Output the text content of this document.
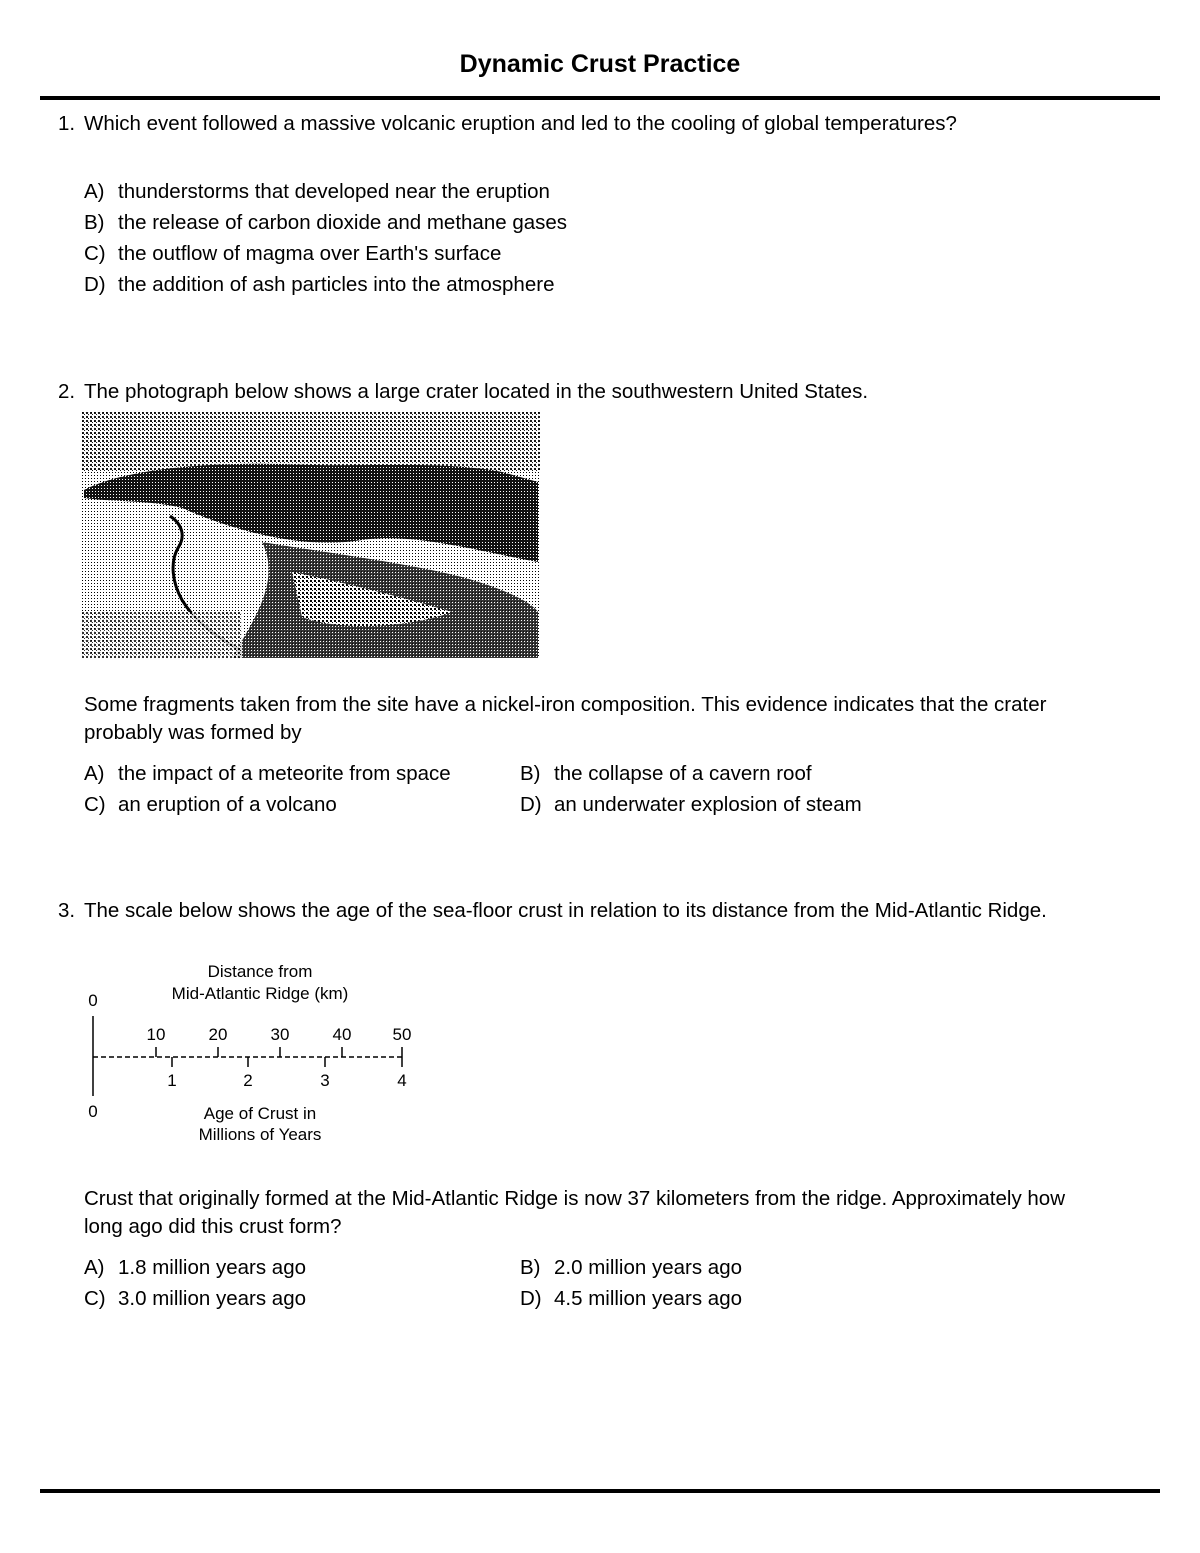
Dynamic Crust Practice
1. Which event followed a massive volcanic eruption and led to the cooling of global temperatures?
A) thunderstorms that developed near the eruption
B) the release of carbon dioxide and methane gases
C) the outflow of magma over Earth's surface
D) the addition of ash particles into the atmosphere
2. The photograph below shows a large crater located in the southwestern United States.
Some fragments taken from the site have a nickel-iron composition. This evidence indicates that the crater probably was formed by
A) the impact of a meteorite from space	B) the collapse of a cavern roof
C) an eruption of a volcano	D) an underwater explosion of steam
3. The scale below shows the age of the sea-floor crust in relation to its distance from the Mid-Atlantic Ridge.
Distance from
Mid-Atlantic Ridge (km)
0
10	20	30	40 50
0
1	2	3	4
Age of Crust in
Millions of Years
Crust that originally formed at the Mid-Atlantic Ridge is now 37 kilometers from the ridge. Approximately how long ago did this crust form?
A) 1.8 million years ago	B) 2.0 million years ago
C) 3.0 million years ago	D) 4.5 million years ago
